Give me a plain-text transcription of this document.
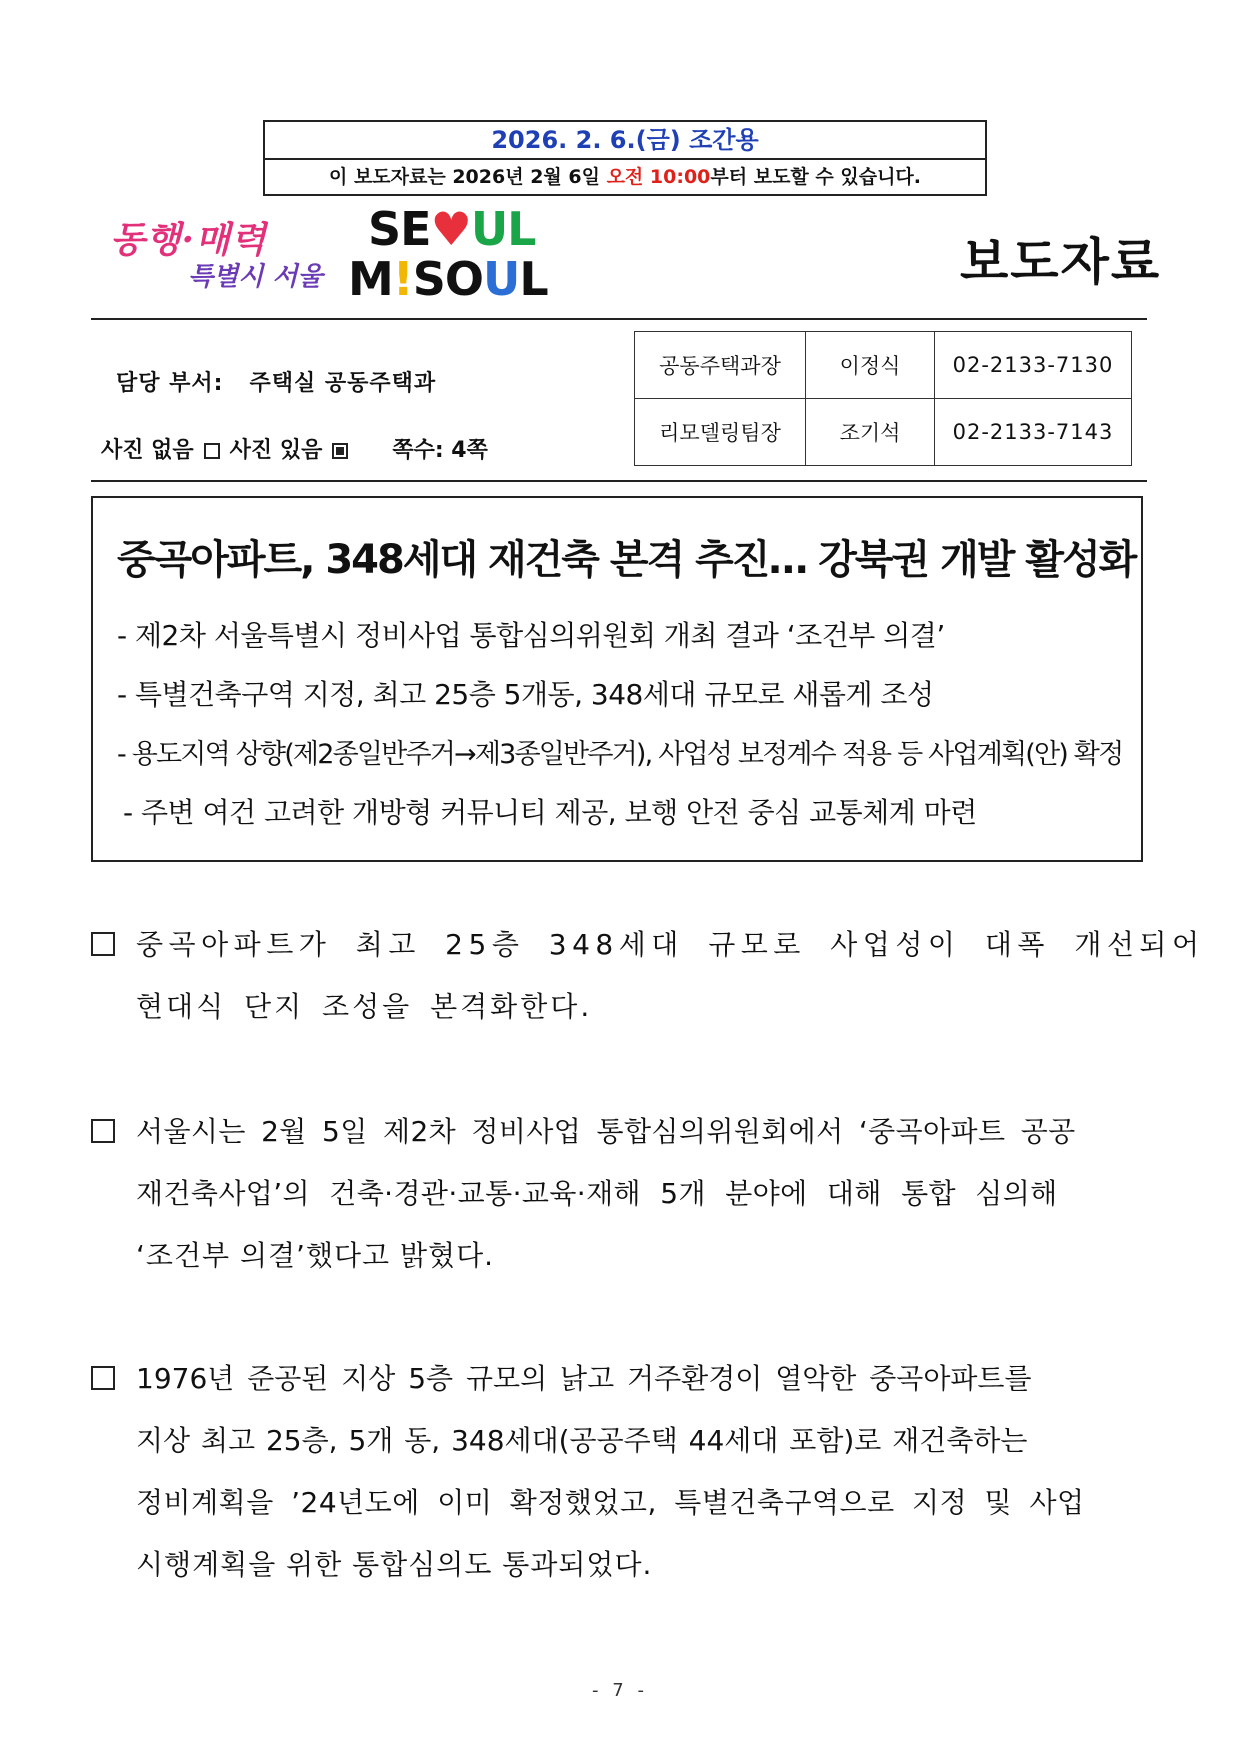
2026. 2. 6.(금) 조간용
이 보도자료는 2026년 2월 6일 오전 10:00부터 보도할 수 있습니다.
동행·매력
특별시 서울
SE♥UL
M!SOUL	보도자료
담당 부서: 주택실 공동주택과
사진 없음 사진 있음	쪽수: 4쪽
공동주택과장	이정식	02-2133-7130
리모델링팀장	조기석	02-2133-7143
중곡아파트, 348세대 재건축 본격 추진… 강북권 개발 활성화
- 제2차 서울특별시 정비사업 통합심의위원회 개최 결과 ‘조건부 의결’
- 특별건축구역 지정, 최고 25층 5개동, 348세대 규모로 새롭게 조성
- 용도지역 상향(제2종일반주거→제3종일반주거), 사업성 보정계수 적용 등 사업계획(안) 확정
- 주변 여건 고려한 개방형 커뮤니티 제공, 보행 안전 중심 교통체계 마련
중곡아파트가 최고 25층 348세대 규모로 사업성이 대폭 개선되어
현대식 단지 조성을 본격화한다.
서울시는 2월 5일 제2차 정비사업 통합심의위원회에서 ‘중곡아파트 공공
재건축사업’의 건축·경관·교통·교육·재해 5개 분야에 대해 통합 심의해
‘조건부 의결’했다고 밝혔다.
1976년 준공된 지상 5층 규모의 낡고 거주환경이 열악한 중곡아파트를
지상 최고 25층, 5개 동, 348세대(공공주택 44세대 포함)로 재건축하는
정비계획을 ’24년도에 이미 확정했었고, 특별건축구역으로 지정 및 사업
시행계획을 위한 통합심의도 통과되었다.
- 7 -
